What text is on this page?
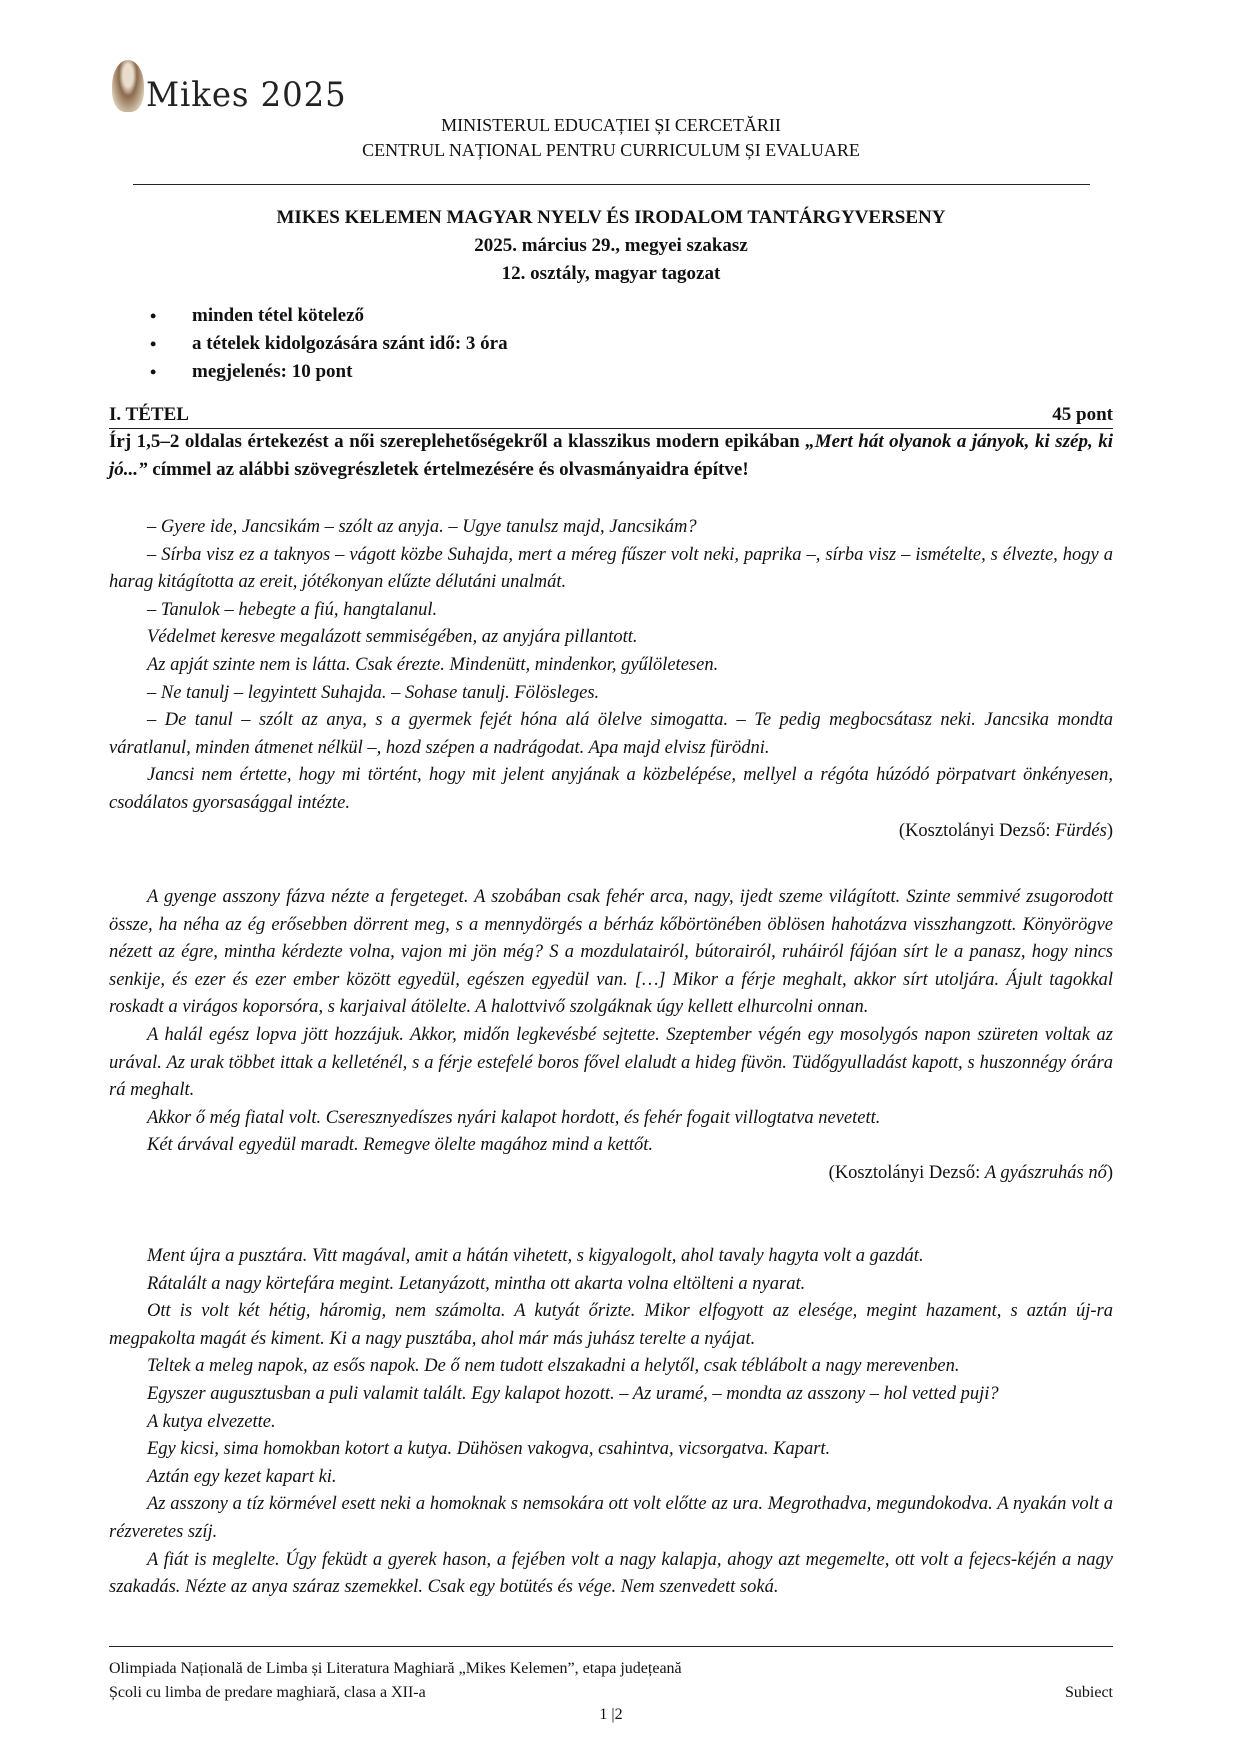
Mikes 2025
MINISTERUL EDUCAȚIEI ȘI CERCETĂRII
CENTRUL NAȚIONAL PENTRU CURRICULUM ȘI EVALUARE
MIKES KELEMEN MAGYAR NYELV ÉS IRODALOM TANTÁRGYVERSENY
2025. március 29., megyei szakasz
12. osztály, magyar tagozat
• minden tétel kötelező
• a tételek kidolgozására szánt idő: 3 óra
• megjelenés: 10 pont
I. TÉTEL	45 pont
Írj 1,5–2 oldalas értekezést a női szereplehetőségekről a klasszikus modern epikában „Mert hát olyanok a jányok, ki szép, ki jó...” címmel az alábbi szövegrészletek értelmezésére és olvasmányaidra építve!

– Gyere ide, Jancsikám – szólt az anyja. – Ugye tanulsz majd, Jancsikám?

– Sírba visz ez a taknyos – vágott közbe Suhajda, mert a méreg fűszer volt neki, paprika –, sírba visz – ismételte, s élvezte, hogy a harag kitágította az ereit, jótékonyan elűzte délutáni unalmát.

– Tanulok – hebegte a fiú, hangtalanul.

Védelmet keresve megalázott semmiségében, az anyjára pillantott.

Az apját szinte nem is látta. Csak érezte. Mindenütt, mindenkor, gyűlöletesen.

– Ne tanulj – legyintett Suhajda. – Sohase tanulj. Fölösleges.

– De tanul – szólt az anya, s a gyermek fejét hóna alá ölelve simogatta. – Te pedig megbocsátasz neki. Jancsika mondta váratlanul, minden átmenet nélkül –, hozd szépen a nadrágodat. Apa majd elvisz fürödni.

Jancsi nem értette, hogy mi történt, hogy mit jelent anyjának a közbelépése, mellyel a régóta húzódó pörpatvart önkényesen, csodálatos gyorsasággal intézte.

(Kosztolányi Dezső: Fürdés)

A gyenge asszony fázva nézte a fergeteget. A szobában csak fehér arca, nagy, ijedt szeme világított. Szinte semmivé zsugorodott össze, ha néha az ég erősebben dörrent meg, s a mennydörgés a bérház kőbörtönében öblösen hahotázva visszhangzott. Könyörögve nézett az égre, mintha kérdezte volna, vajon mi jön még? S a mozdulatairól, bútorairól, ruháiról fájóan sírt le a panasz, hogy nincs senkije, és ezer és ezer ember között egyedül, egészen egyedül van. […] Mikor a férje meghalt, akkor sírt utoljára. Ájult tagokkal roskadt a virágos koporsóra, s karjaival átölelte. A halottvivő szolgáknak úgy kellett elhurcolni onnan.

A halál egész lopva jött hozzájuk. Akkor, midőn legkevésbé sejtette. Szeptember végén egy mosolygós napon szüreten voltak az urával. Az urak többet ittak a kelleténél, s a férje estefelé boros fővel elaludt a hideg füvön. Tüdőgyulladást kapott, s huszonnégy órára rá meghalt.

Akkor ő még fiatal volt. Cseresznyedíszes nyári kalapot hordott, és fehér fogait villogtatva nevetett.

Két árvával egyedül maradt. Remegve ölelte magához mind a kettőt.

(Kosztolányi Dezső: A gyászruhás nő)

Ment újra a pusztára. Vitt magával, amit a hátán vihetett, s kigyalogolt, ahol tavaly hagyta volt a gazdát.

Rátalált a nagy körtefára megint. Letanyázott, mintha ott akarta volna eltölteni a nyarat.

Ott is volt két hétig, háromig, nem számolta. A kutyát őrizte. Mikor elfogyott az elesége, megint hazament, s aztán új-ra megpakolta magát és kiment. Ki a nagy pusztába, ahol már más juhász terelte a nyájat.

Teltek a meleg napok, az esős napok. De ő nem tudott elszakadni a helytől, csak téblábolt a nagy merevenben.

Egyszer augusztusban a puli valamit talált. Egy kalapot hozott. – Az uramé, – mondta az asszony – hol vetted puji?

A kutya elvezette.

Egy kicsi, sima homokban kotort a kutya. Dühösen vakogva, csahintva, vicsorgatva. Kapart.

Aztán egy kezet kapart ki.

Az asszony a tíz körmével esett neki a homoknak s nemsokára ott volt előtte az ura. Megrothadva, megundokodva. A nyakán volt a rézveretes szíj.

A fiát is meglelte. Úgy feküdt a gyerek hason, a fejében volt a nagy kalapja, ahogy azt megemelte, ott volt a fejecs-kéjén a nagy szakadás. Nézte az anya száraz szemekkel. Csak egy botütés és vége. Nem szenvedett soká.

Olimpiada Națională de Limba și Literatura Maghiară „Mikes Kelemen”, etapa județeană
Școli cu limba de predare maghiară, clasa a XII-a	Subiect
1 |2
